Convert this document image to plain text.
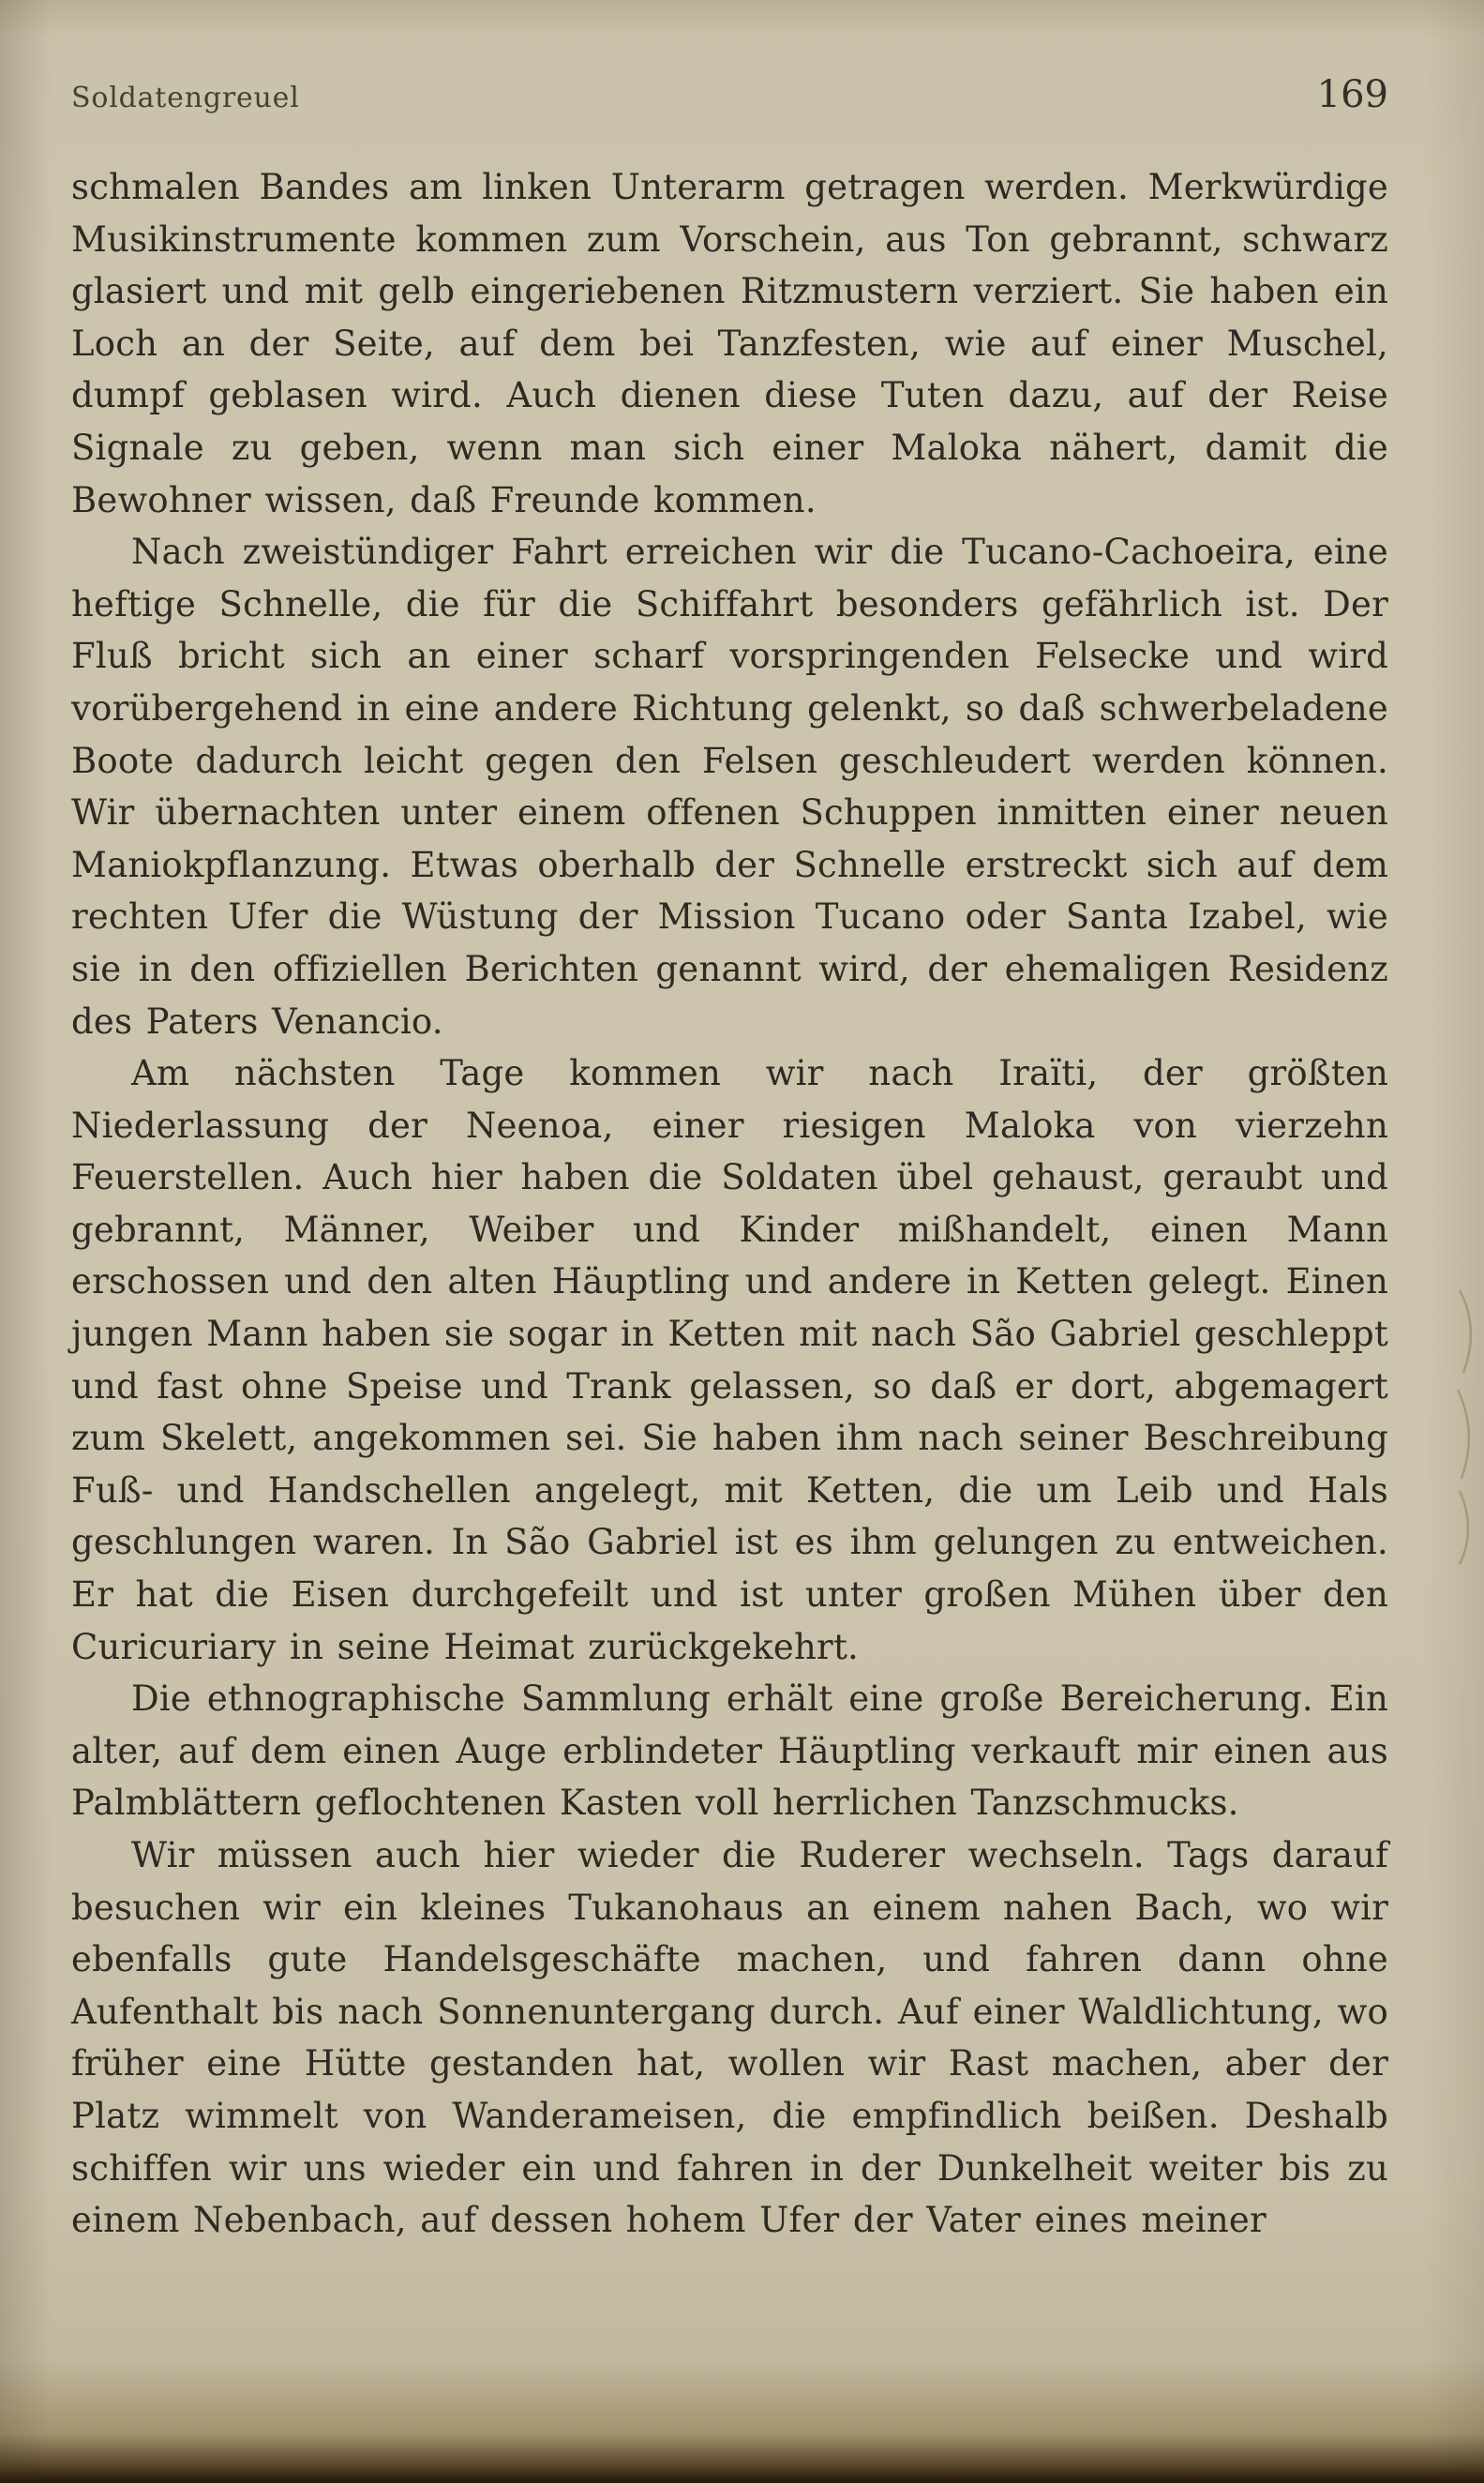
Soldatengreuel	169

schmalen Bandes am linken Unterarm getragen werden. Merkwürdige Musikinstrumente kommen zum Vorschein, aus Ton gebrannt, schwarz glasiert und mit gelb eingeriebenen Ritzmustern verziert. Sie haben ein Loch an der Seite, auf dem bei Tanzfesten, wie auf einer Muschel, dumpf geblasen wird. Auch dienen diese Tuten dazu, auf der Reise Signale zu geben, wenn man sich einer Maloka nähert, damit die Bewohner wissen, daß Freunde kommen.

Nach zweistündiger Fahrt erreichen wir die Tucano-Cachoeira, eine heftige Schnelle, die für die Schiffahrt besonders gefährlich ist. Der Fluß bricht sich an einer scharf vorspringenden Felsecke und wird vorübergehend in eine andere Richtung gelenkt, so daß schwerbeladene Boote dadurch leicht gegen den Felsen geschleudert werden können. Wir übernachten unter einem offenen Schuppen inmitten einer neuen Maniokpflanzung. Etwas oberhalb der Schnelle erstreckt sich auf dem rechten Ufer die Wüstung der Mission Tucano oder Santa Izabel, wie sie in den offiziellen Berichten genannt wird, der ehemaligen Residenz des Paters Venancio.

Am nächsten Tage kommen wir nach Iraïti, der größten Niederlassung der Neenoa, einer riesigen Maloka von vierzehn Feuerstellen. Auch hier haben die Soldaten übel gehaust, geraubt und gebrannt, Männer, Weiber und Kinder mißhandelt, einen Mann erschossen und den alten Häuptling und andere in Ketten gelegt. Einen jungen Mann haben sie sogar in Ketten mit nach São Gabriel geschleppt und fast ohne Speise und Trank gelassen, so daß er dort, abgemagert zum Skelett, angekommen sei. Sie haben ihm nach seiner Beschreibung Fuß- und Handschellen angelegt, mit Ketten, die um Leib und Hals geschlungen waren. In São Gabriel ist es ihm gelungen zu entweichen. Er hat die Eisen durchgefeilt und ist unter großen Mühen über den Curicuriary in seine Heimat zurückgekehrt.

Die ethnographische Sammlung erhält eine große Bereicherung. Ein alter, auf dem einen Auge erblindeter Häuptling verkauft mir einen aus Palmblättern geflochtenen Kasten voll herrlichen Tanzschmucks.

Wir müssen auch hier wieder die Ruderer wechseln. Tags darauf besuchen wir ein kleines Tukanohaus an einem nahen Bach, wo wir ebenfalls gute Handelsgeschäfte machen, und fahren dann ohne Aufenthalt bis nach Sonnenuntergang durch. Auf einer Waldlichtung, wo früher eine Hütte gestanden hat, wollen wir Rast machen, aber der Platz wimmelt von Wanderameisen, die empfindlich beißen. Deshalb schiffen wir uns wieder ein und fahren in der Dunkelheit weiter bis zu einem Nebenbach, auf dessen hohem Ufer der Vater eines meiner
